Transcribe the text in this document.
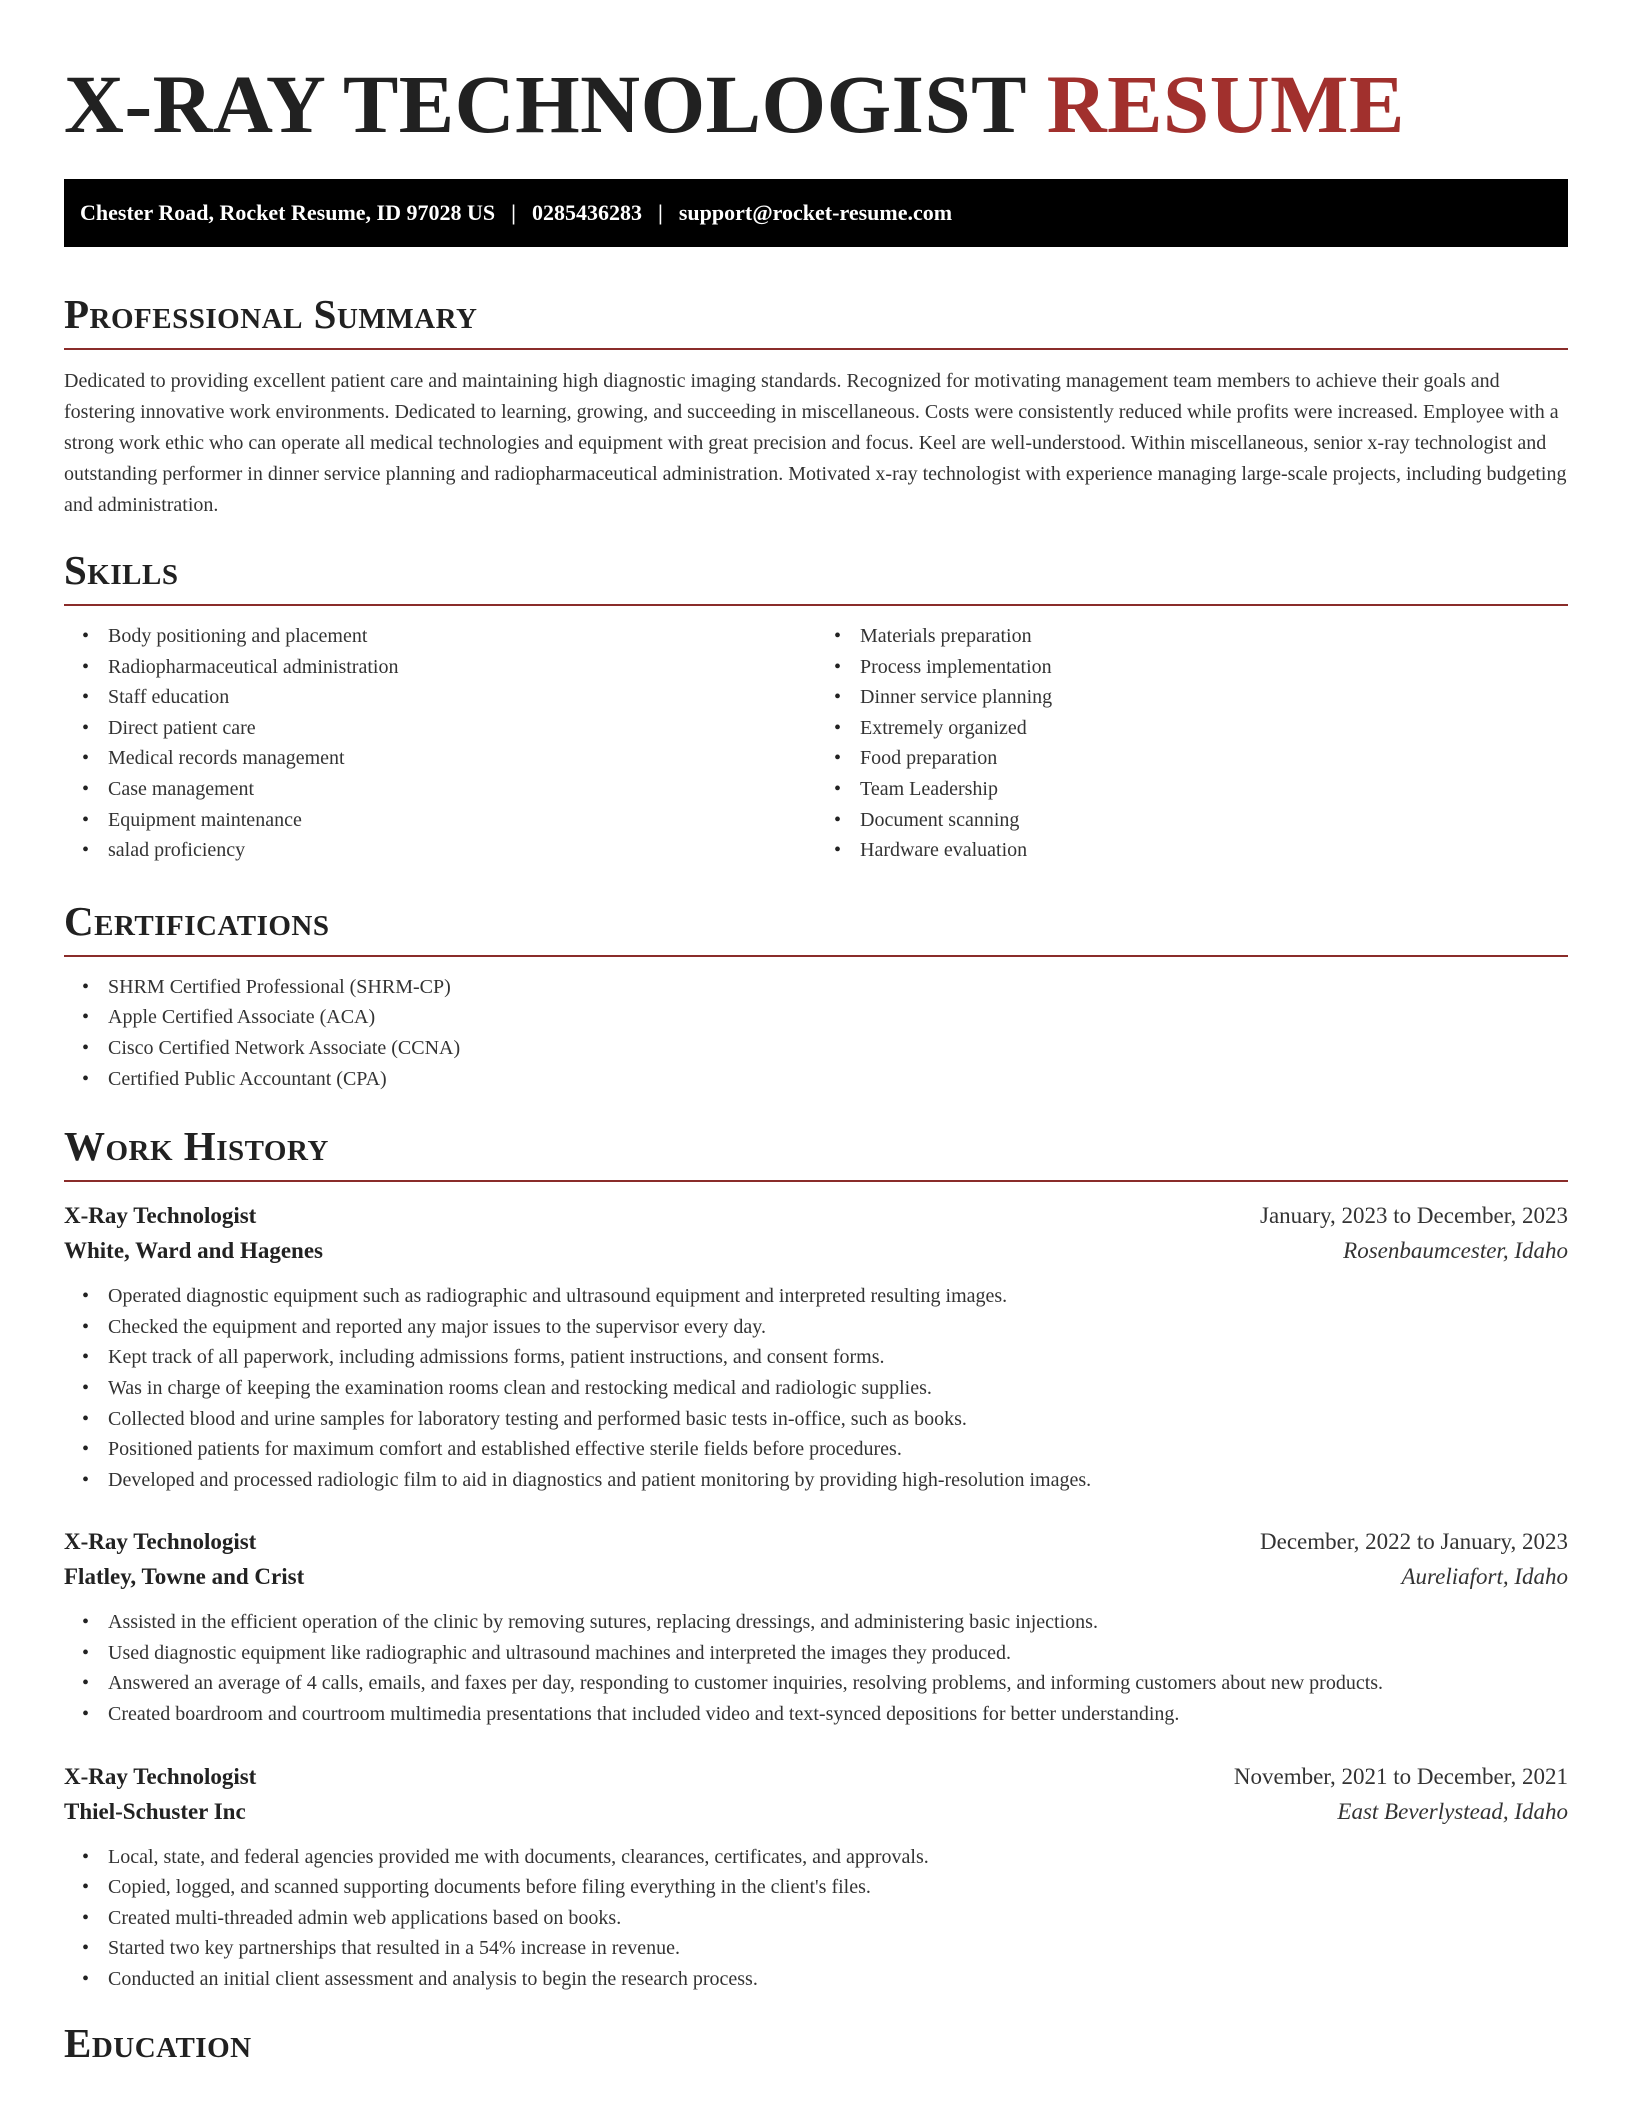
X-RAY TECHNOLOGIST RESUME
Chester Road, Rocket Resume, ID 97028 US | 0285436283 | support@rocket-resume.com
Professional Summary

Dedicated to providing excellent patient care and maintaining high diagnostic imaging standards. Recognized for motivating management team members to achieve their goals and fostering innovative work environments. Dedicated to learning, growing, and succeeding in miscellaneous. Costs were consistently reduced while profits were increased. Employee with a strong work ethic who can operate all medical technologies and equipment with great precision and focus. Keel are well-understood. Within miscellaneous, senior x-ray technologist and outstanding performer in dinner service planning and radiopharmaceutical administration. Motivated x-ray technologist with experience managing large-scale projects, including budgeting and administration.

Skills
• Body positioning and placement
• Radiopharmaceutical administration
• Staff education
• Direct patient care
• Medical records management
• Case management
• Equipment maintenance
• salad proficiency
• Materials preparation
• Process implementation
• Dinner service planning
• Extremely organized
• Food preparation
• Team Leadership
• Document scanning
• Hardware evaluation
Certifications
• SHRM Certified Professional (SHRM-CP)
• Apple Certified Associate (ACA)
• Cisco Certified Network Associate (CCNA)
• Certified Public Accountant (CPA)
Work History
X-Ray Technologist	January, 2023 to December, 2023
White, Ward and Hagenes	Rosenbaumcester, Idaho
• Operated diagnostic equipment such as radiographic and ultrasound equipment and interpreted resulting images.
• Checked the equipment and reported any major issues to the supervisor every day.
• Kept track of all paperwork, including admissions forms, patient instructions, and consent forms.
• Was in charge of keeping the examination rooms clean and restocking medical and radiologic supplies.
• Collected blood and urine samples for laboratory testing and performed basic tests in-office, such as books.
• Positioned patients for maximum comfort and established effective sterile fields before procedures.
• Developed and processed radiologic film to aid in diagnostics and patient monitoring by providing high-resolution images.
X-Ray Technologist	December, 2022 to January, 2023
Flatley, Towne and Crist	Aureliafort, Idaho
• Assisted in the efficient operation of the clinic by removing sutures, replacing dressings, and administering basic injections.
• Used diagnostic equipment like radiographic and ultrasound machines and interpreted the images they produced.
• Answered an average of 4 calls, emails, and faxes per day, responding to customer inquiries, resolving problems, and informing customers about new products.
• Created boardroom and courtroom multimedia presentations that included video and text-synced depositions for better understanding.
X-Ray Technologist	November, 2021 to December, 2021
Thiel-Schuster Inc	East Beverlystead, Idaho
• Local, state, and federal agencies provided me with documents, clearances, certificates, and approvals.
• Copied, logged, and scanned supporting documents before filing everything in the client's files.
• Created multi-threaded admin web applications based on books.
• Started two key partnerships that resulted in a 54% increase in revenue.
• Conducted an initial client assessment and analysis to begin the research process.
Education
